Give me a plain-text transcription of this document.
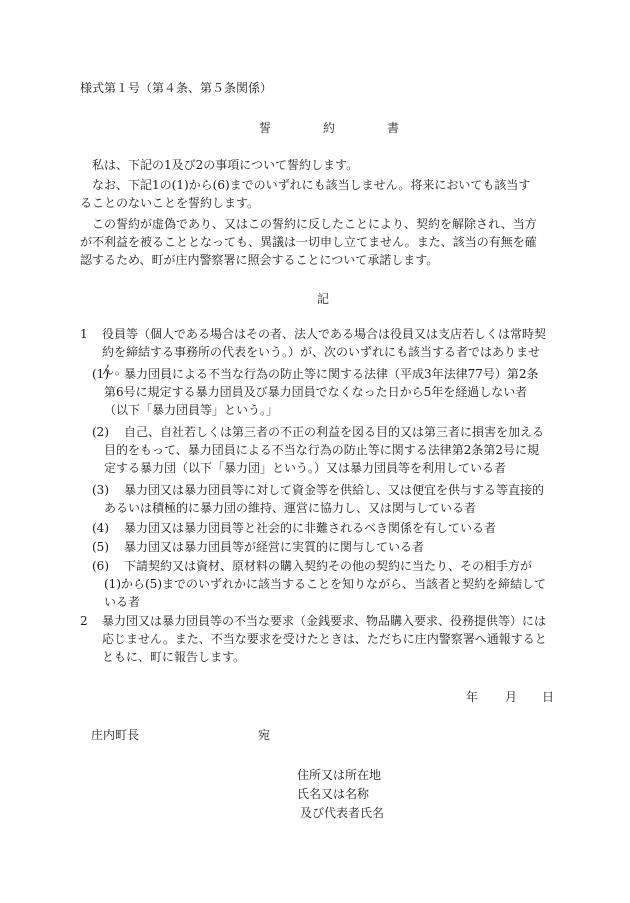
様式第１号（第４条、第５条関係）
誓	約	書
私は、下記の1及び2の事項について誓約します。
なお、下記1の(1)から(6)までのいずれにも該当しません。将来においても該当することのないことを誓約します。
この誓約が虚偽であり、又はこの誓約に反したことにより、契約を解除され、当方が不利益を被ることとなっても、異議は一切申し立てません。また、該当の有無を確認するため、町が庄内警察署に照会することについて承諾します。
記
1	役員等（個人である場合はその者、法人である場合は役員又は支店若しくは常時契約を締結する事務所の代表をいう。）が、次のいずれにも該当する者ではありません。
(1)	暴力団員による不当な行為の防止等に関する法律（平成3年法律77号）第2条第6号に規定する暴力団員及び暴力団員でなくなった日から5年を経過しない者（以下「暴力団員等」という。」
(2)	自己、自社若しくは第三者の不正の利益を図る目的又は第三者に損害を加える目的をもって、暴力団員による不当な行為の防止等に関する法律第2条第2号に規定する暴力団（以下「暴力団」という。）又は暴力団員等を利用している者
(3)	暴力団又は暴力団員等に対して資金等を供給し、又は便宜を供与する等直接的あるいは積極的に暴力団の維持、運営に協力し、又は関与している者
(4)	暴力団又は暴力団員等と社会的に非難されるべき関係を有している者
(5)	暴力団又は暴力団員等が経営に実質的に関与している者
(6)	下請契約又は資材、原材料の購入契約その他の契約に当たり、その相手方が(1)から(5)までのいずれかに該当することを知りながら、当該者と契約を締結している者
2	暴力団又は暴力団員等の不当な要求（金銭要求、物品購入要求、役務提供等）には応じません。また、不当な要求を受けたときは、ただちに庄内警察署へ通報するとともに、町に報告します。
年 月 日
庄内町長	宛
住所又は所在地
氏名又は名称
及び代表者氏名
